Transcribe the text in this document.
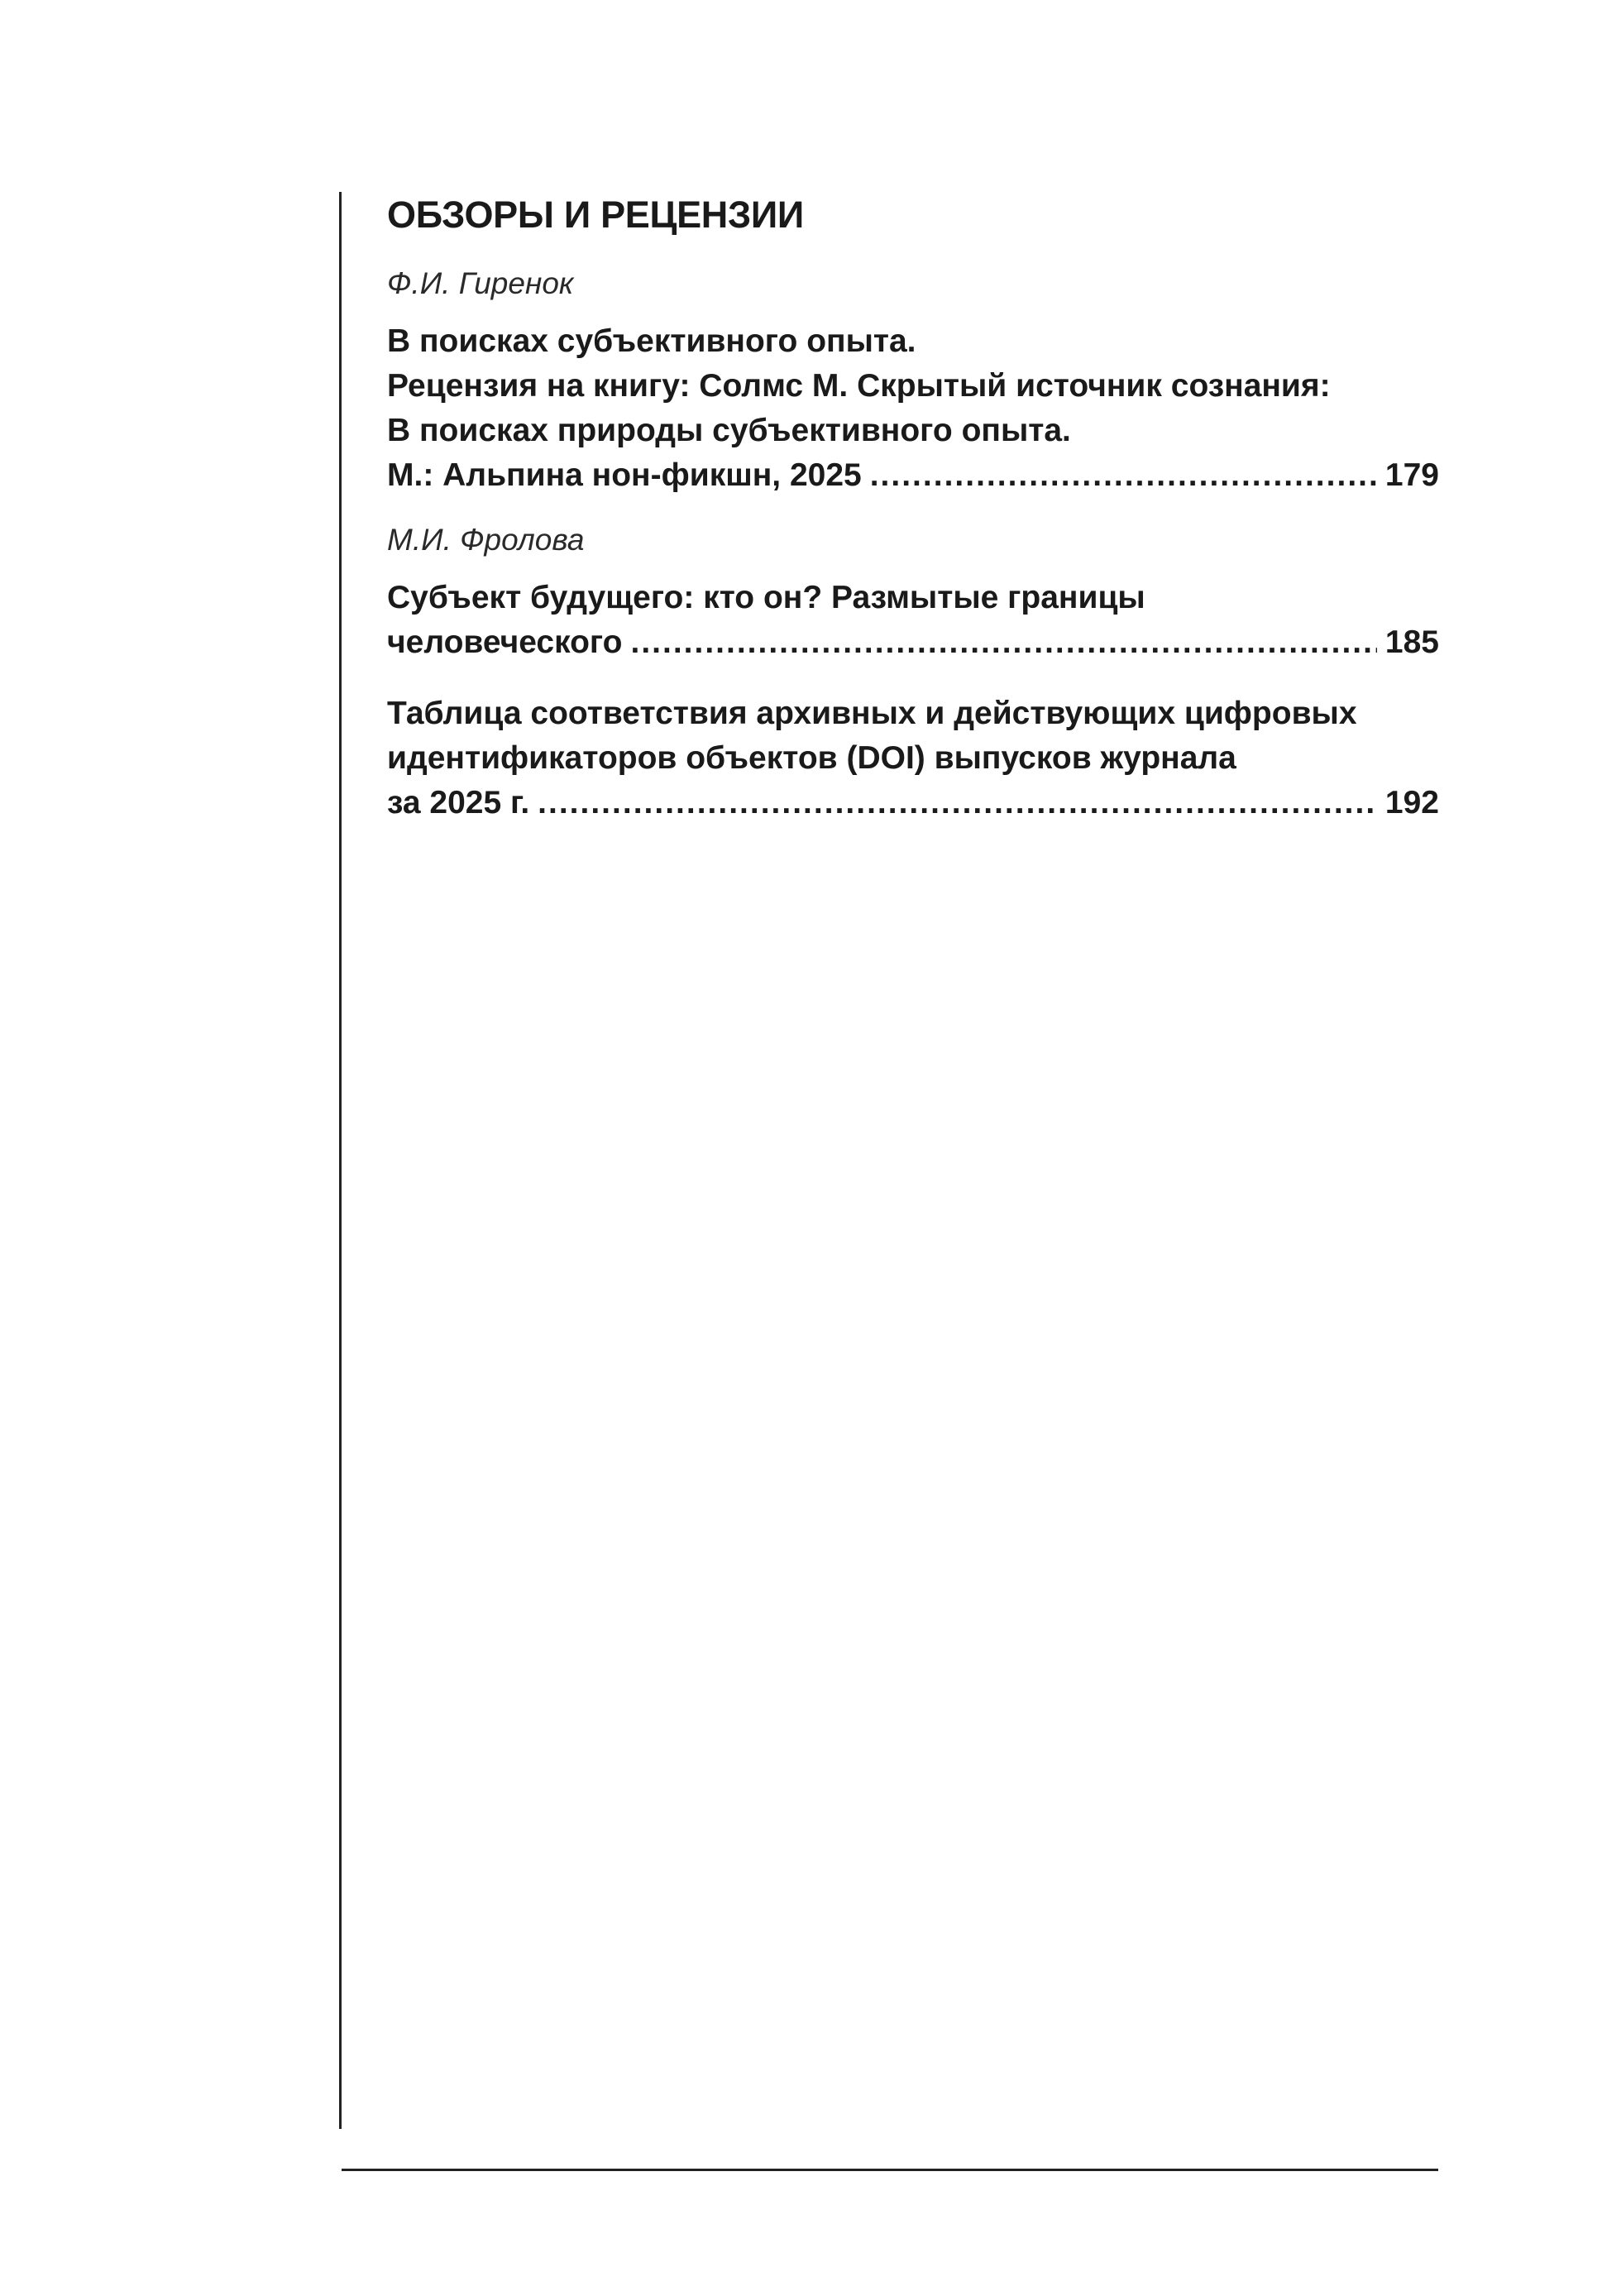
ОБЗОРЫ И РЕЦЕНЗИИ
Ф.И. Гиренок
В поисках субъективного опыта.
Рецензия на книгу: Солмс М. Скрытый источник сознания:
В поисках природы субъективного опыта.
М.: Альпина нон-фикшн, 2025 .....	179
М.И. Фролова
Субъект будущего: кто он? Размытые границы
человеческого .....	185
Таблица соответствия архивных и действующих цифровых
идентификаторов объектов (DOI) выпусков журнала
за 2025 г. .....	192
